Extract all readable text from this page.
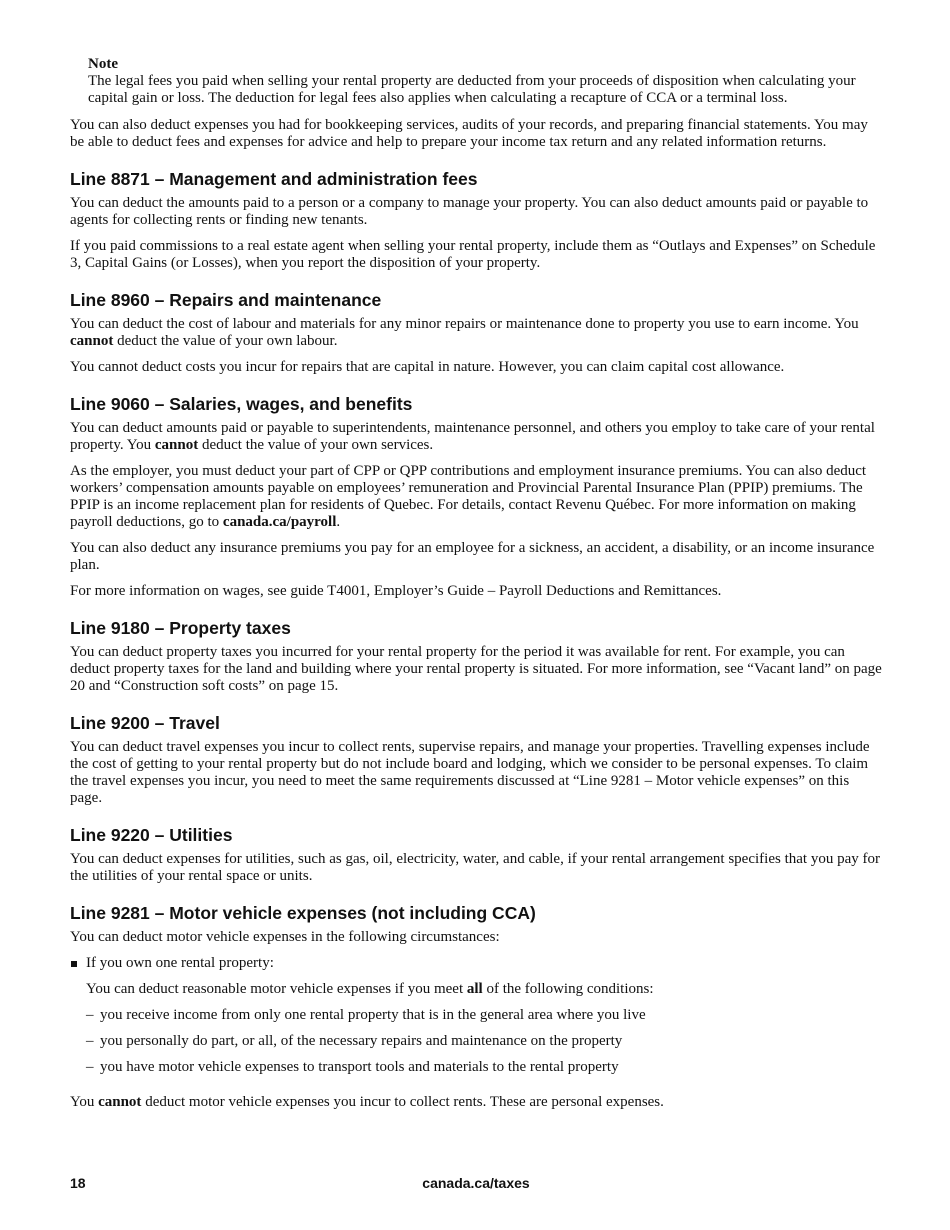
Note
The legal fees you paid when selling your rental property are deducted from your proceeds of disposition when calculating your capital gain or loss. The deduction for legal fees also applies when calculating a recapture of CCA or a terminal loss.

You can also deduct expenses you had for bookkeeping services, audits of your records, and preparing financial statements. You may be able to deduct fees and expenses for advice and help to prepare your income tax return and any related information returns.

Line 8871 – Management and administration fees

You can deduct the amounts paid to a person or a company to manage your property. You can also deduct amounts paid or payable to agents for collecting rents or finding new tenants.

If you paid commissions to a real estate agent when selling your rental property, include them as “Outlays and Expenses” on Schedule 3, Capital Gains (or Losses), when you report the disposition of your property.

Line 8960 – Repairs and maintenance

You can deduct the cost of labour and materials for any minor repairs or maintenance done to property you use to earn income. You cannot deduct the value of your own labour.

You cannot deduct costs you incur for repairs that are capital in nature. However, you can claim capital cost allowance.

Line 9060 – Salaries, wages, and benefits

You can deduct amounts paid or payable to superintendents, maintenance personnel, and others you employ to take care of your rental property. You cannot deduct the value of your own services.

As the employer, you must deduct your part of CPP or QPP contributions and employment insurance premiums. You can also deduct workers’ compensation amounts payable on employees’ remuneration and Provincial Parental Insurance Plan (PPIP) premiums. The PPIP is an income replacement plan for residents of Quebec. For details, contact Revenu Québec. For more information on making payroll deductions, go to canada.ca/payroll.

You can also deduct any insurance premiums you pay for an employee for a sickness, an accident, a disability, or an income insurance plan.

For more information on wages, see guide T4001, Employer’s Guide – Payroll Deductions and Remittances.

Line 9180 – Property taxes

You can deduct property taxes you incurred for your rental property for the period it was available for rent. For example, you can deduct property taxes for the land and building where your rental property is situated. For more information, see “Vacant land” on page 20 and “Construction soft costs” on page 15.

Line 9200 – Travel

You can deduct travel expenses you incur to collect rents, supervise repairs, and manage your properties. Travelling expenses include the cost of getting to your rental property but do not include board and lodging, which we consider to be personal expenses. To claim the travel expenses you incur, you need to meet the same requirements discussed at “Line 9281 – Motor vehicle expenses” on this page.

Line 9220 – Utilities

You can deduct expenses for utilities, such as gas, oil, electricity, water, and cable, if your rental arrangement specifies that you pay for the utilities of your rental space or units.

Line 9281 – Motor vehicle expenses (not including CCA)

You can deduct motor vehicle expenses in the following circumstances:

If you own one rental property:

You can deduct reasonable motor vehicle expenses if you meet all of the following conditions:

– you receive income from only one rental property that is in the general area where you live
– you personally do part, or all, of the necessary repairs and maintenance on the property
– you have motor vehicle expenses to transport tools and materials to the rental property

You cannot deduct motor vehicle expenses you incur to collect rents. These are personal expenses.

18	canada.ca/taxes
